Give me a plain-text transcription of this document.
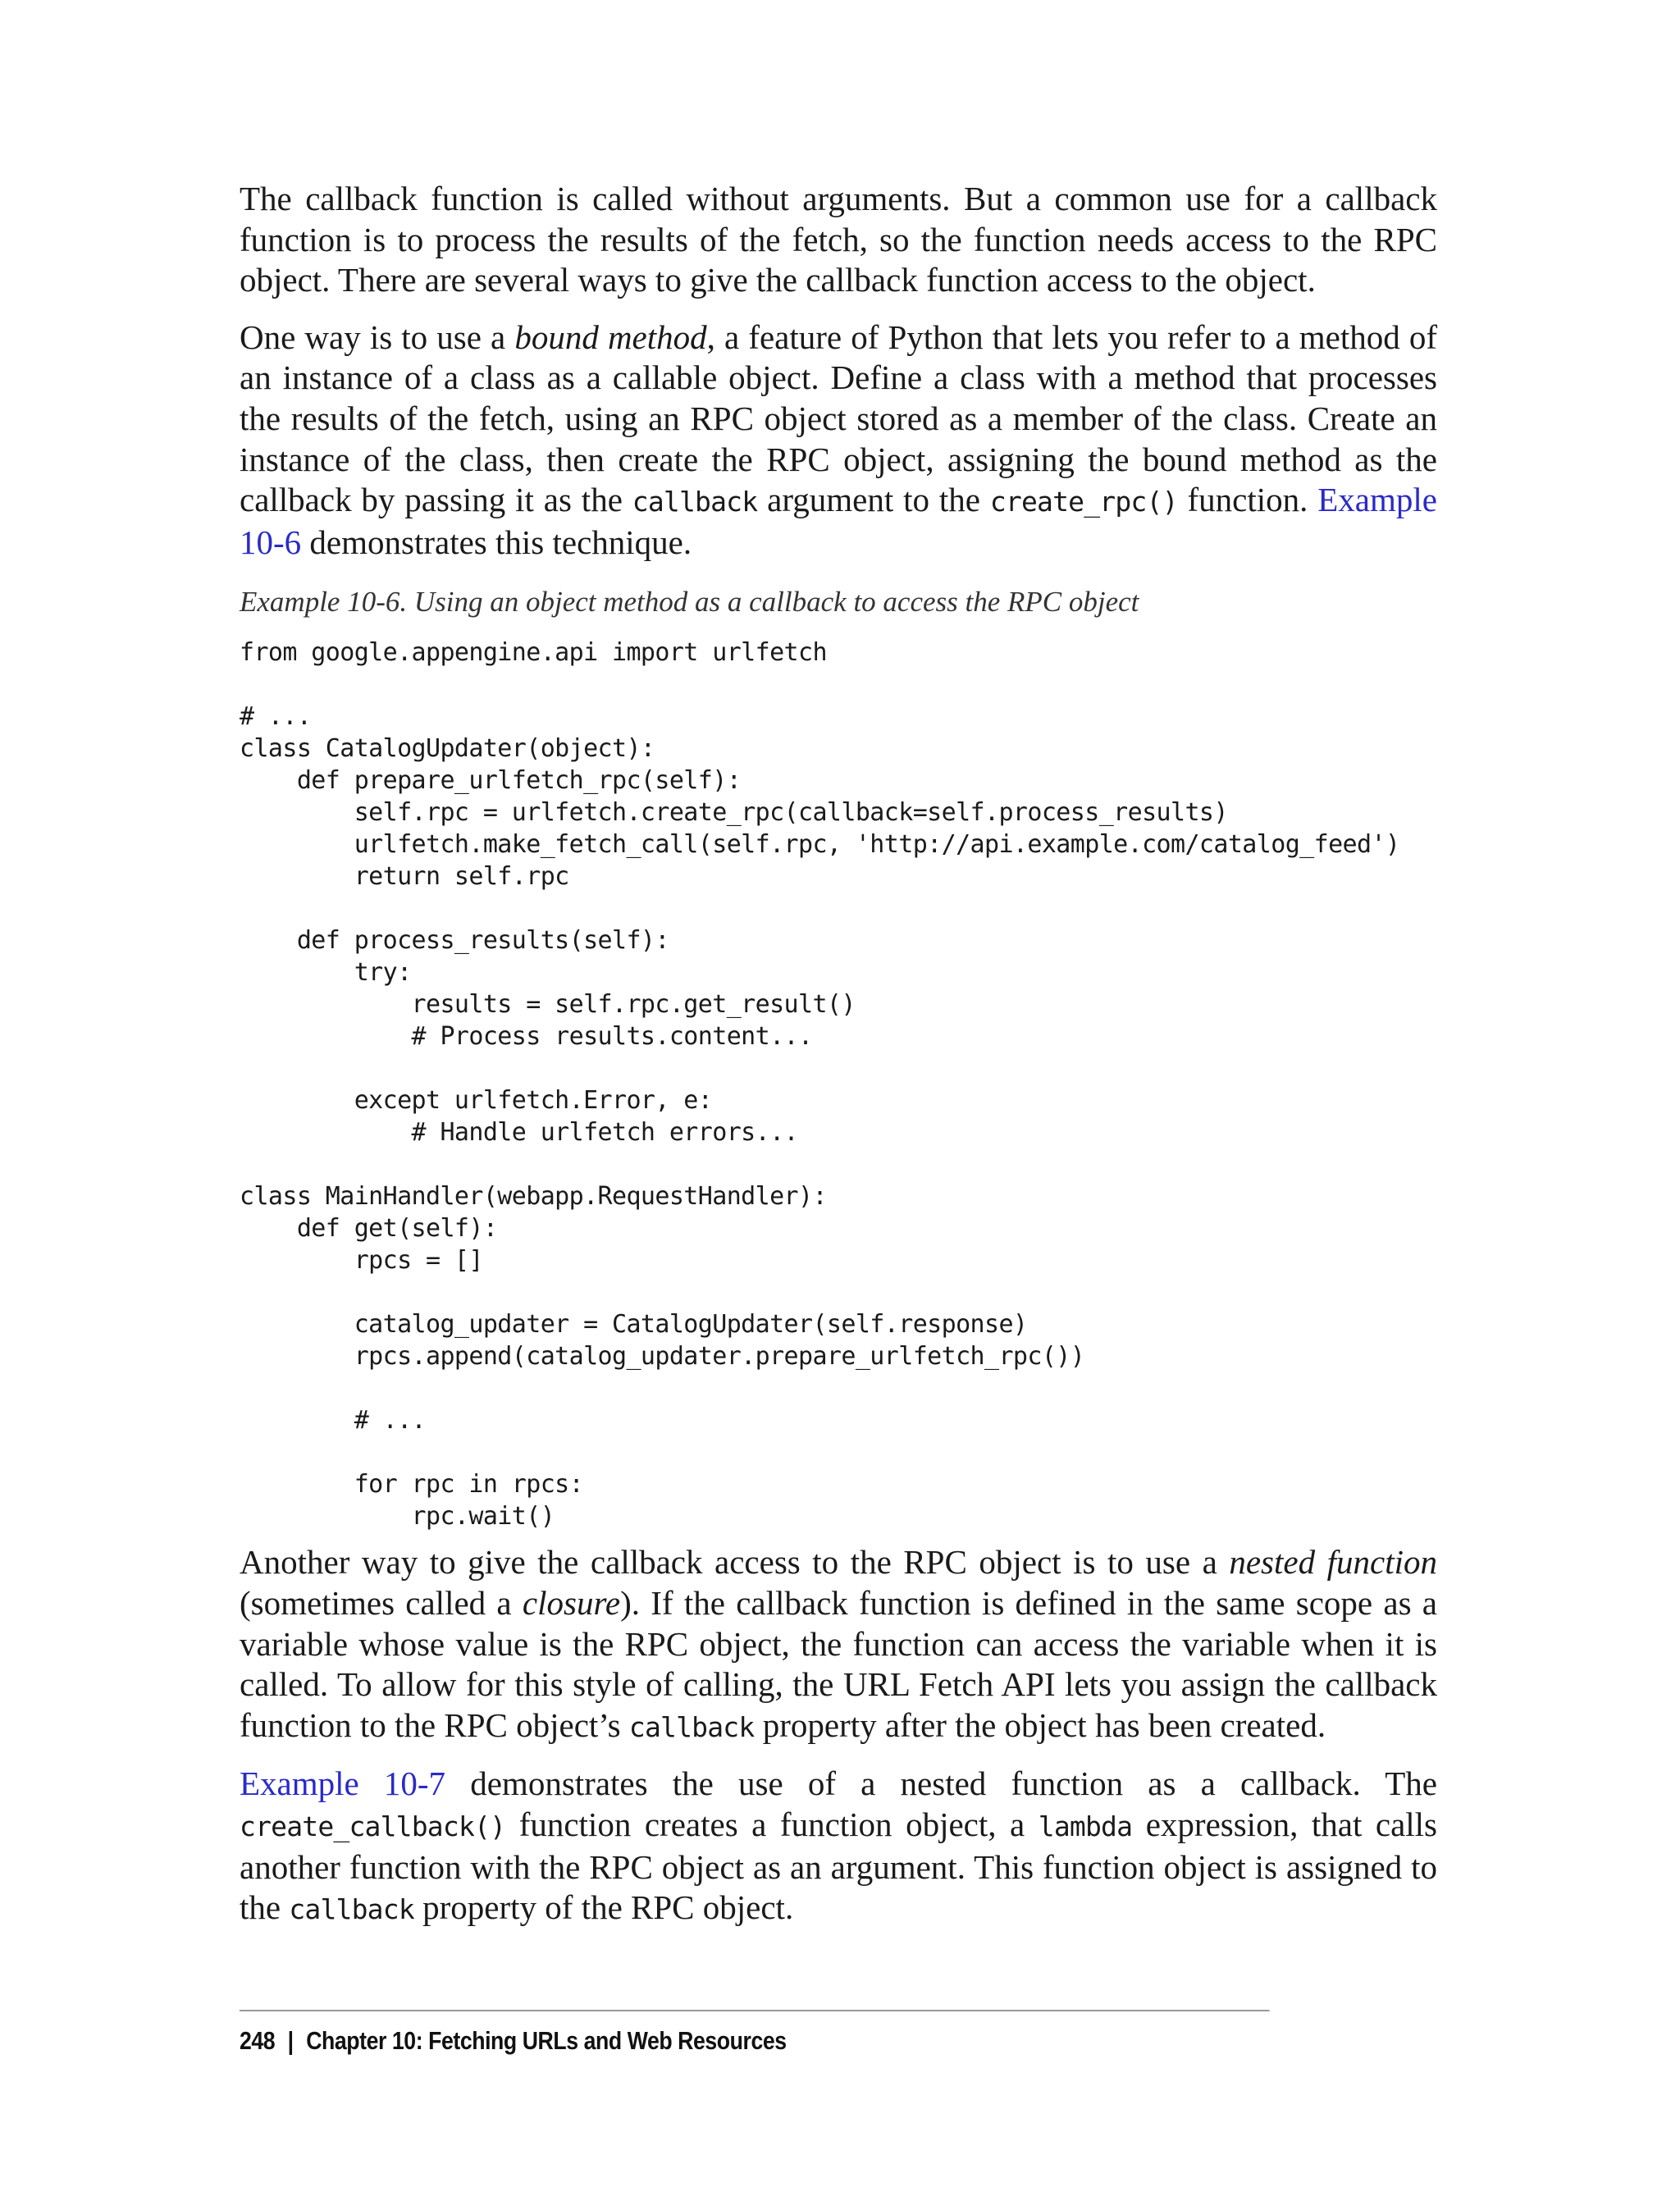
The callback function is called without arguments. But a common use for a callback function is to process the results of the fetch, so the function needs access to the RPC object. There are several ways to give the callback function access to the object.

One way is to use a bound method, a feature of Python that lets you refer to a method of an instance of a class as a callable object. Define a class with a method that processes the results of the fetch, using an RPC object stored as a member of the class. Create an instance of the class, then create the RPC object, assigning the bound method as the callback by passing it as the callback argument to the create_rpc() function. Example 10-6 demonstrates this technique.

Example 10-6. Using an object method as a callback to access the RPC object
from google.appengine.api import urlfetch

# ...
class CatalogUpdater(object):
def prepare_urlfetch_rpc(self):
self.rpc = urlfetch.create_rpc(callback=self.process_results)
urlfetch.make_fetch_call(self.rpc, 'http://api.example.com/catalog_feed')
return self.rpc

def process_results(self):
try:
results = self.rpc.get_result()
# Process results.content...

except urlfetch.Error, e:
# Handle urlfetch errors...

class MainHandler(webapp.RequestHandler):
def get(self):
rpcs = []

catalog_updater = CatalogUpdater(self.response)
rpcs.append(catalog_updater.prepare_urlfetch_rpc())

# ...

for rpc in rpcs:
rpc.wait()

Another way to give the callback access to the RPC object is to use a nested function (sometimes called a closure). If the callback function is defined in the same scope as a variable whose value is the RPC object, the function can access the variable when it is called. To allow for this style of calling, the URL Fetch API lets you assign the callback function to the RPC object’s callback property after the object has been created.

Example 10-7 demonstrates the use of a nested function as a callback. The create_callback() function creates a function object, a lambda expression, that calls another function with the RPC object as an argument. This function object is assigned to the callback property of the RPC object.

248 | Chapter 10: Fetching URLs and Web Resources
